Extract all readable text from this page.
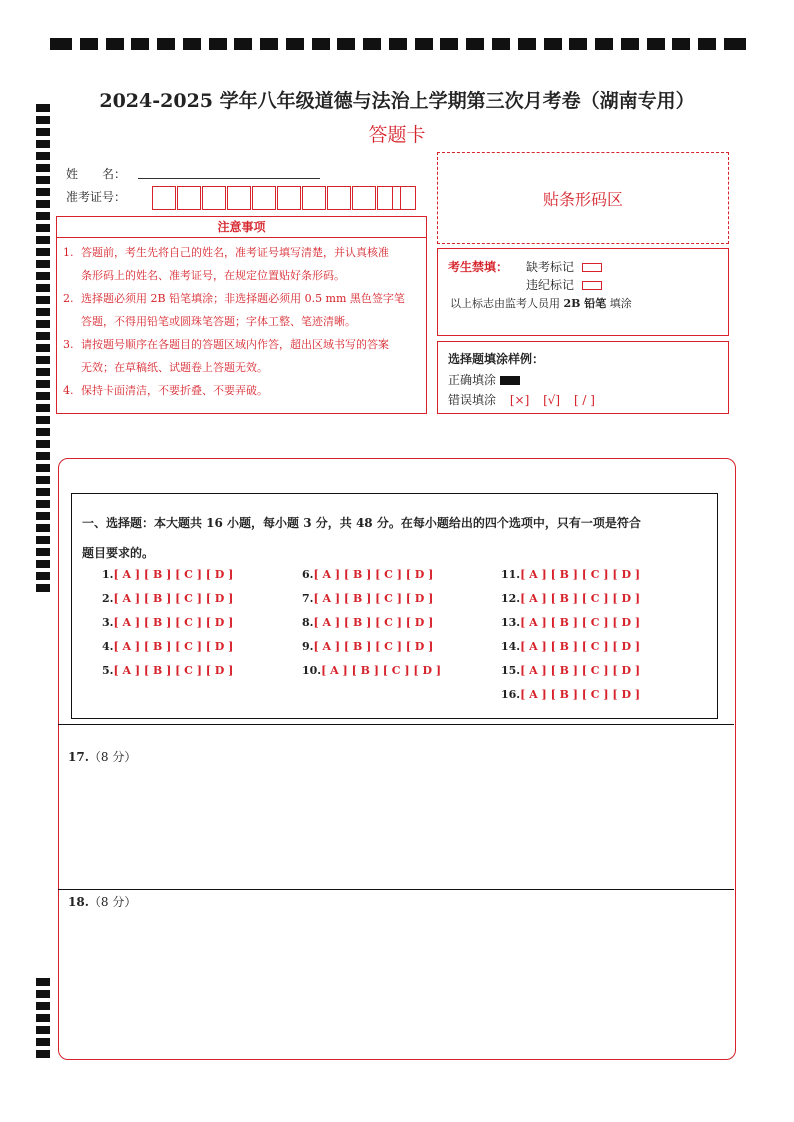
2024-2025 学年八年级道德与法治上学期第三次月考卷（湖南专用）
答题卡
姓　　名：
准考证号：
注意事项
1. 答题前，考生先将自己的姓名，准考证号填写清楚，并认真核准
条形码上的姓名、准考证号，在规定位置贴好条形码。
2. 选择题必须用 2B 铅笔填涂；非选择题必须用 0.5 mm 黑色签字笔
答题，不得用铅笔或圆珠笔答题；字体工整、笔迹清晰。
3. 请按题号顺序在各题目的答题区域内作答，超出区域书写的答案
无效；在草稿纸、试题卷上答题无效。
4. 保持卡面清洁，不要折叠、不要弄破。
贴条形码区
考生禁填： 缺考标记
违纪标记
以上标志由监考人员用 2B 铅笔 填涂
选择题填涂样例：
正确填涂
错误填涂 [×] [√] [ / ]
一、选择题：本大题共 16 小题，每小题 3 分，共 48 分。在每小题给出的四个选项中，只有一项是符合
题目要求的。
1.[ A ] [ B ] [ C ] [ D ]
2.[ A ] [ B ] [ C ] [ D ]
3.[ A ] [ B ] [ C ] [ D ]
4.[ A ] [ B ] [ C ] [ D ]
5.[ A ] [ B ] [ C ] [ D ]
6.[ A ] [ B ] [ C ] [ D ]
7.[ A ] [ B ] [ C ] [ D ]
8.[ A ] [ B ] [ C ] [ D ]
9.[ A ] [ B ] [ C ] [ D ]
10.[ A ] [ B ] [ C ] [ D ]
11.[ A ] [ B ] [ C ] [ D ]
12.[ A ] [ B ] [ C ] [ D ]
13.[ A ] [ B ] [ C ] [ D ]
14.[ A ] [ B ] [ C ] [ D ]
15.[ A ] [ B ] [ C ] [ D ]
16.[ A ] [ B ] [ C ] [ D ]
17.（8 分）
18.（8 分）
